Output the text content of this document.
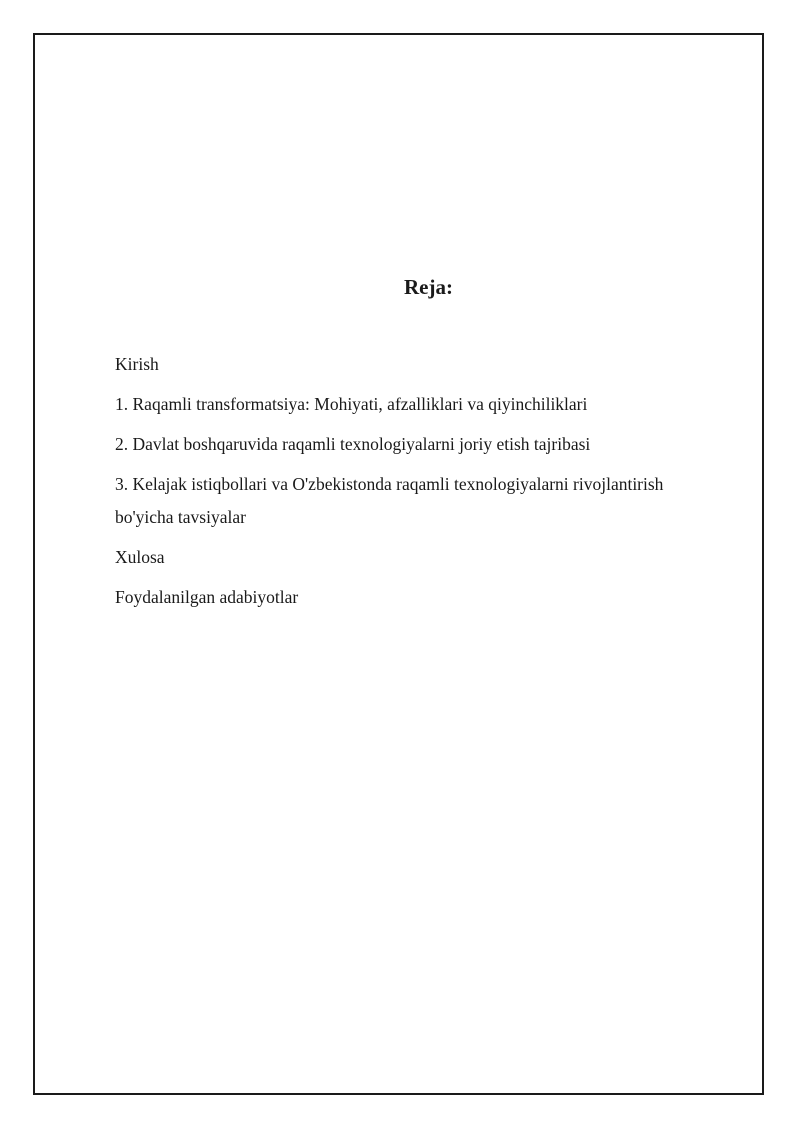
Reja:
Kirish
1. Raqamli transformatsiya: Mohiyati, afzalliklari va qiyinchiliklari
2. Davlat boshqaruvida raqamli texnologiyalarni joriy etish tajribasi
3. Kelajak istiqbollari va O'zbekistonda raqamli texnologiyalarni rivojlantirish bo'yicha tavsiyalar
Xulosa
Foydalanilgan adabiyotlar
